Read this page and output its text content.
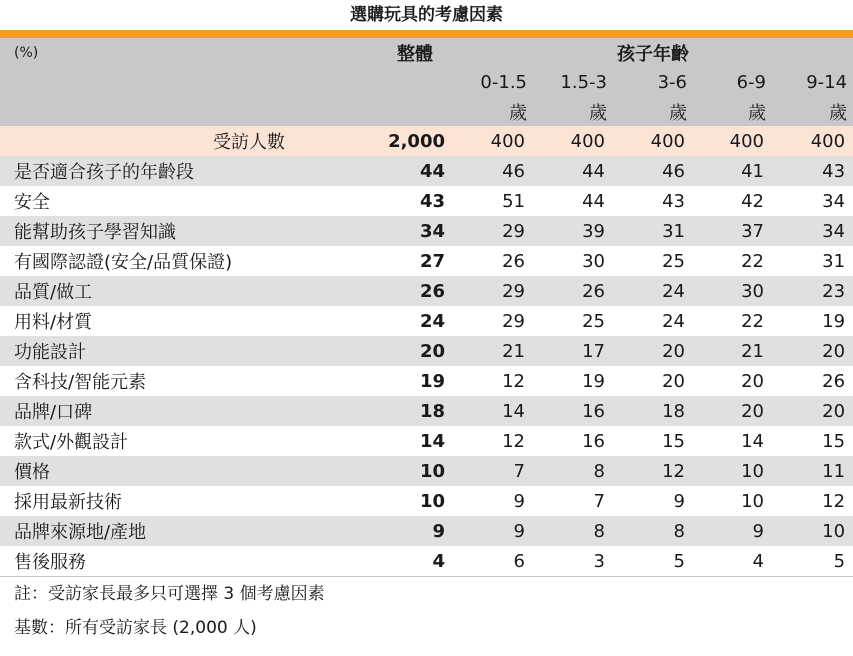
選購玩具的考慮因素
(%)	整體	孩子年齡				
		0-1.5	1.5-3	3-6	6-9	9-14
		歲	歲	歲	歲	歲
受訪人數	2,000	400	400	400	400	400
是否適合孩子的年齡段	44	46	44	46	41	43
安全	43	51	44	43	42	34
能幫助孩子學習知識	34	29	39	31	37	34
有國際認證(安全/品質保證)	27	26	30	25	22	31
品質/做工	26	29	26	24	30	23
用料/材質	24	29	25	24	22	19
功能設計	20	21	17	20	21	20
含科技/智能元素	19	12	19	20	20	26
品牌/口碑	18	14	16	18	20	20
款式/外觀設計	14	12	16	15	14	15
價格	10	7	8	12	10	11
採用最新技術	10	9	7	9	10	12
品牌來源地/產地	9	9	8	8	9	10
售後服務	4	6	3	5	4	5

註：受訪家長最多只可選擇 3 個考慮因素
基數：所有受訪家長 (2,000 人)
